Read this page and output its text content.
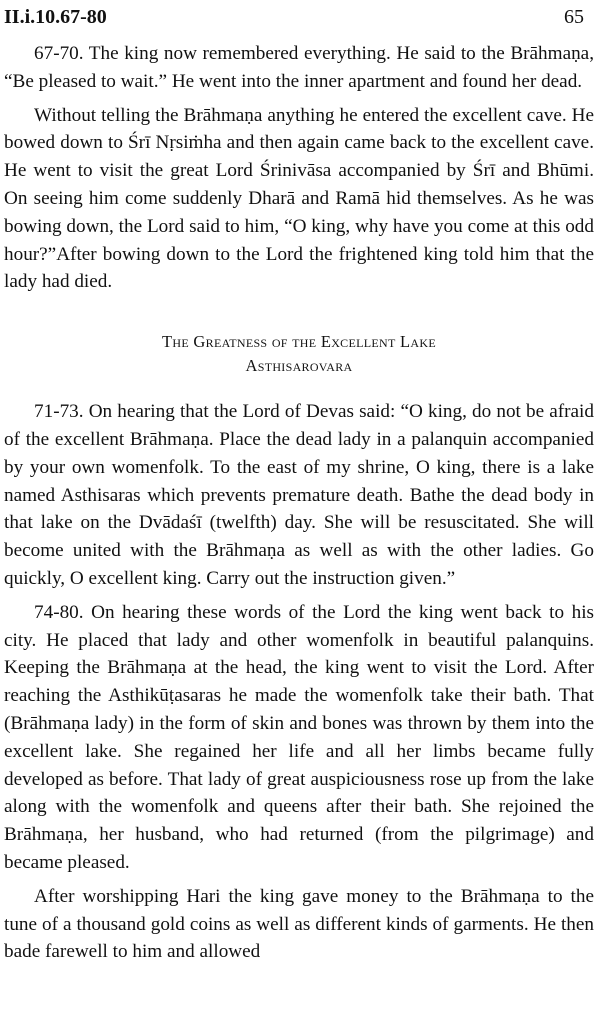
II.i.10.67-80	65

67-70. The king now remembered everything. He said to the Brāhmaṇa, “Be pleased to wait.” He went into the inner apartment and found her dead.

Without telling the Brāhmaṇa anything he entered the excellent cave. He bowed down to Śrī Nṛsiṁha and then again came back to the excellent cave. He went to visit the great Lord Śrinivāsa accompanied by Śrī and Bhūmi. On seeing him come suddenly Dharā and Ramā hid themselves. As he was bowing down, the Lord said to him, “O king, why have you come at this odd hour?”After bowing down to the Lord the frightened king told him that the lady had died.

The Greatness of the Excellent Lake
Asthisarovara

71-73. On hearing that the Lord of Devas said: “O king, do not be afraid of the excellent Brāhmaṇa. Place the dead lady in a palanquin accompanied by your own womenfolk. To the east of my shrine, O king, there is a lake named Asthisaras which prevents premature death. Bathe the dead body in that lake on the Dvādaśī (twelfth) day. She will be resuscitated. She will become united with the Brāhmaṇa as well as with the other ladies. Go quickly, O excellent king. Carry out the instruction given.”

74-80. On hearing these words of the Lord the king went back to his city. He placed that lady and other womenfolk in beautiful palanquins. Keeping the Brāhmaṇa at the head, the king went to visit the Lord. After reaching the Asthikūṭasaras he made the womenfolk take their bath. That (Brāhmaṇa lady) in the form of skin and bones was thrown by them into the excellent lake. She regained her life and all her limbs became fully developed as before. That lady of great auspiciousness rose up from the lake along with the womenfolk and queens after their bath. She rejoined the Brāhmaṇa, her husband, who had returned (from the pilgrimage) and became pleased.

After worshipping Hari the king gave money to the Brāhmaṇa to the tune of a thousand gold coins as well as different kinds of garments. He then bade farewell to him and allowed
